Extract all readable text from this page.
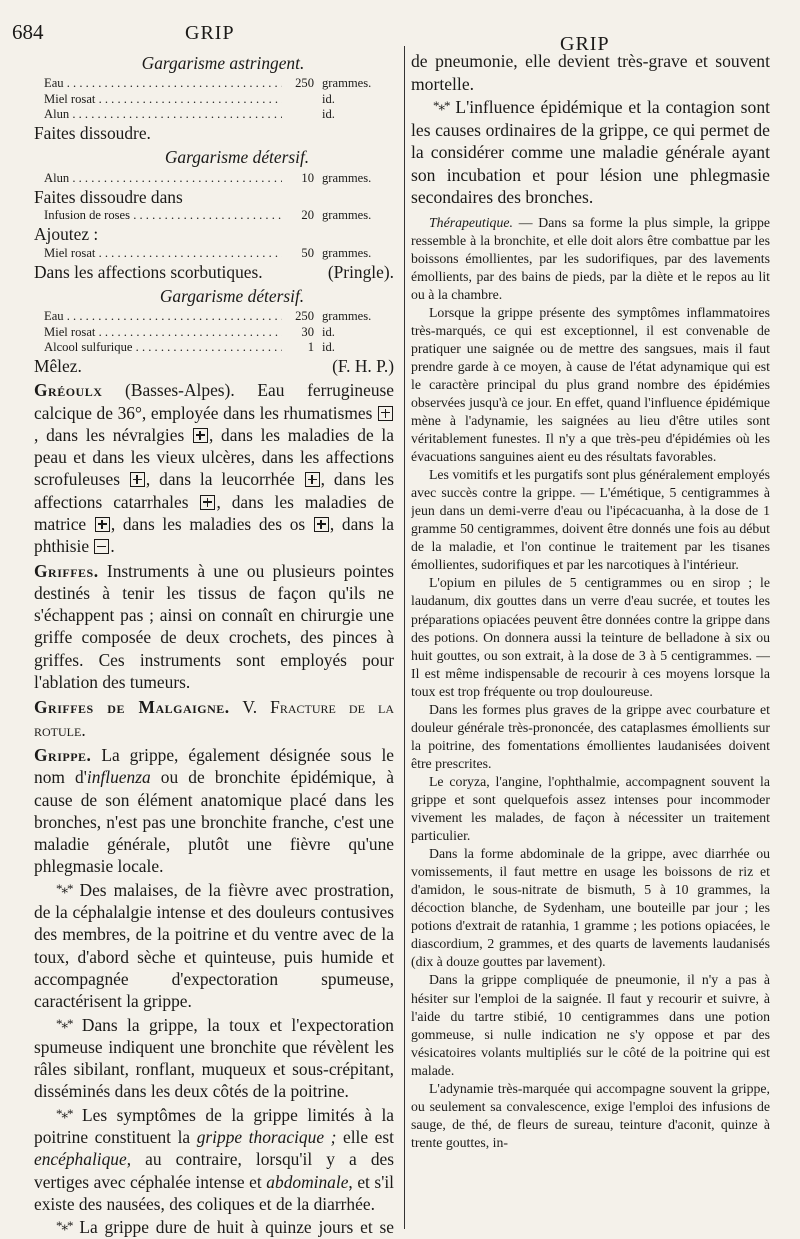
684	GRIP	GRIP
Gargarisme astringent.
Eau . . .	250 grammes.
Miel rosat . . .	id.
Alun . . .	id.

Faites dissoudre.

Gargarisme détersif.
Alun . . .	10 grammes.

Faites dissoudre dans

Infusion de roses . . .	20 grammes.

Ajoutez :

Miel rosat . . .	50 grammes.

Dans les affections scorbutiques.	(Pringle).

Gargarisme détersif.
Eau . . .	250 grammes.
Miel rosat . . .	30 id.
Alcool sulfurique . . .	1 id.

Mêlez.	(F. H. P.)

Gréoulx (Basses-Alpes). Eau ferrugineuse calcique de 36°, employée dans les rhumatismes , dans les névralgies , dans les maladies de la peau et dans les vieux ulcères, dans les affections scrofuleuses , dans la leucorrhée , dans les affections catarrhales , dans les maladies de matrice , dans les maladies des os , dans la phthisie .

Griffes. Instruments à une ou plusieurs pointes destinés à tenir les tissus de façon qu'ils ne s'échappent pas ; ainsi on connaît en chirurgie une griffe composée de deux crochets, des pinces à griffes. Ces instruments sont employés pour l'ablation des tumeurs.

Griffes de Malgaigne. V. Fracture de la rotule.

Grippe. La grippe, également désignée sous le nom d'influenza ou de bronchite épidémique, à cause de son élément anatomique placé dans les bronches, n'est pas une bronchite franche, c'est une maladie générale, plutôt une fièvre qu'une phlegmasie locale.

*⁎* Des malaises, de la fièvre avec prostration, de la céphalalgie intense et des douleurs contusives des membres, de la poitrine et du ventre avec de la toux, d'abord sèche et quinteuse, puis humide et accompagnée d'expectoration spumeuse, caractérisent la grippe.

*⁎* Dans la grippe, la toux et l'expectoration spumeuse indiquent une bronchite que révèlent les râles sibilant, ronflant, muqueux et sous-crépitant, disséminés dans les deux côtés de la poitrine.

*⁎* Les symptômes de la grippe limités à la poitrine constituent la grippe thoracique ; elle est encéphalique, au contraire, lorsqu'il y a des vertiges avec céphalée intense et abdominale, et s'il existe des nausées, des coliques et de la diarrhée.

*⁎* La grippe dure de huit à quinze jours et se

de pneumonie, elle devient très-grave et souvent mortelle.

*⁎* L'influence épidémique et la contagion sont les causes ordinaires de la grippe, ce qui permet de la considérer comme une maladie générale ayant son incubation et pour lésion une phlegmasie secondaires des bronches.

Thérapeutique. — Dans sa forme la plus simple, la grippe ressemble à la bronchite, et elle doit alors être combattue par les boissons émollientes, par les sudorifiques, par des lavements émollients, par des bains de pieds, par la diète et le repos au lit ou à la chambre.

Lorsque la grippe présente des symptômes inflammatoires très-marqués, ce qui est exceptionnel, il est convenable de pratiquer une saignée ou de mettre des sangsues, mais il faut prendre garde à ce moyen, à cause de l'état adynamique qui est le caractère principal du plus grand nombre des épidémies observées jusqu'à ce jour. En effet, quand l'influence épidémique mène à l'adynamie, les saignées au lieu d'être utiles sont véritablement funestes. Il n'y a que très-peu d'épidémies où les évacuations sanguines aient eu des résultats favorables.

Les vomitifs et les purgatifs sont plus généralement employés avec succès contre la grippe. — L'émétique, 5 centigrammes à jeun dans un demi-verre d'eau ou l'ipécacuanha, à la dose de 1 gramme 50 centigrammes, doivent être donnés une fois au début de la maladie, et l'on continue le traitement par les tisanes émollientes, sudorifiques et par les narcotiques à l'intérieur.

L'opium en pilules de 5 centigrammes ou en sirop ; le laudanum, dix gouttes dans un verre d'eau sucrée, et toutes les préparations opiacées peuvent être données contre la grippe dans des potions. On donnera aussi la teinture de belladone à six ou huit gouttes, ou son extrait, à la dose de 3 à 5 centigrammes. — Il est même indispensable de recourir à ces moyens lorsque la toux est trop fréquente ou trop douloureuse.

Dans les formes plus graves de la grippe avec courbature et douleur générale très-prononcée, des cataplasmes émollients sur la poitrine, des fomentations émollientes laudanisées doivent être prescrites.

Le coryza, l'angine, l'ophthalmie, accompagnent souvent la grippe et sont quelquefois assez intenses pour incommoder vivement les malades, de façon à nécessiter un traitement particulier.

Dans la forme abdominale de la grippe, avec diarrhée ou vomissements, il faut mettre en usage les boissons de riz et d'amidon, le sous-nitrate de bismuth, 5 à 10 grammes, la décoction blanche, de Sydenham, une bouteille par jour ; les potions d'extrait de ratanhia, 1 gramme ; les potions opiacées, le diascordium, 2 grammes, et des quarts de lavements laudanisés (dix à douze gouttes par lavement).

Dans la grippe compliquée de pneumonie, il n'y a pas à hésiter sur l'emploi de la saignée. Il faut y recourir et suivre, à l'aide du tartre stibié, 10 centigrammes dans une potion gommeuse, si nulle indication ne s'y oppose et par des vésicatoires volants multipliés sur le côté de la poitrine qui est malade.

L'adynamie très-marquée qui accompagne souvent la grippe, ou seulement sa convalescence, exige l'emploi des infusions de sauge, de thé, de fleurs de sureau, teinture d'aconit, quinze à trente gouttes, in-
